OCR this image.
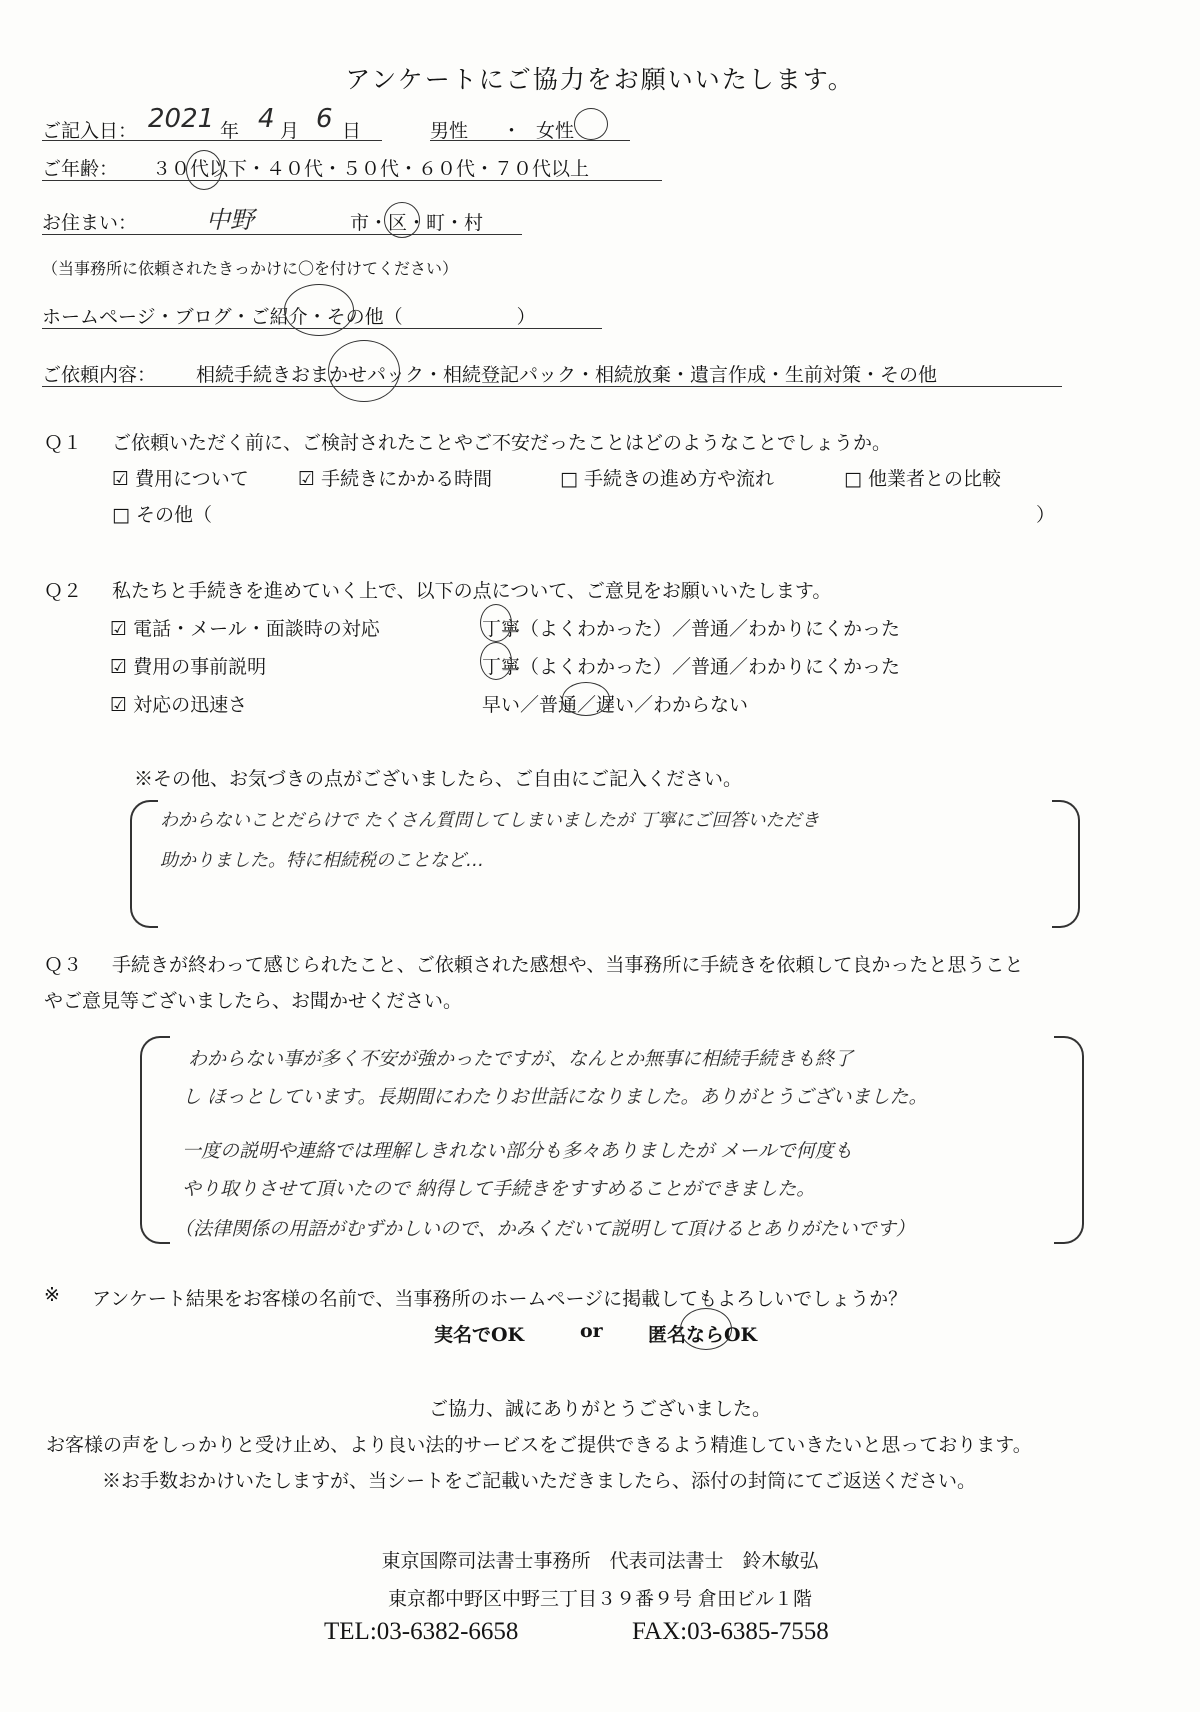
アンケートにご協力をお願いいたします。
ご記入日： 2021 年 4 月 6 日	男性 ・ 女性
ご年齢： ３０代以下・４０代・５０代・６０代・７０代以上
お住まい：	中野	市・区・町・村
（当事務所に依頼されたきっかけに〇を付けてください）
ホームページ・ブログ・ご紹介・その他（　　　　　　）
ご依頼内容： 相続手続きおまかせパック・相続登記パック・相続放棄・遺言作成・生前対策・その他
Ｑ１ ご依頼いただく前に、ご検討されたことやご不安だったことはどのようなことでしょうか。
☑ 費用について	☑ 手続きにかかる時間	□ 手続きの進め方や流れ	□ 他業者との比較
□ その他（	）
Ｑ２ 私たちと手続きを進めていく上で、以下の点について、ご意見をお願いいたします。
☑ 電話・メール・面談時の対応	丁寧（よくわかった）／普通／わかりにくかった
☑ 費用の事前説明	丁寧（よくわかった）／普通／わかりにくかった
☑ 対応の迅速さ	早い／普通／遅い／わからない
※その他、お気づきの点がございましたら、ご自由にご記入ください。
わからないことだらけで たくさん質問してしまいましたが 丁寧にご回答いただき
助かりました。特に相続税のことなど…
Ｑ３ 手続きが終わって感じられたこと、ご依頼された感想や、当事務所に手続きを依頼して良かったと思うこと
やご意見等ございましたら、お聞かせください。
わからない事が多く不安が強かったですが、なんとか無事に相続手続きも終了
し ほっとしています。長期間にわたりお世話になりました。ありがとうございました。
一度の説明や連絡では理解しきれない部分も多々ありましたが メールで何度も
やり取りさせて頂いたので 納得して手続きをすすめることができました。
（法律関係の用語がむずかしいので、かみくだいて説明して頂けるとありがたいです）
※ アンケート結果をお客様の名前で、当事務所のホームページに掲載してもよろしいでしょうか？
実名でOK	or 匿名ならOK
ご協力、誠にありがとうございました。
お客様の声をしっかりと受け止め、より良い法的サービスをご提供できるよう精進していきたいと思っております。
※お手数おかけいたしますが、当シートをご記載いただきましたら、添付の封筒にてご返送ください。
東京国際司法書士事務所　代表司法書士　鈴木敏弘
東京都中野区中野三丁目３９番９号 倉田ビル１階
TEL:03-6382-6658	FAX:03-6385-7558
